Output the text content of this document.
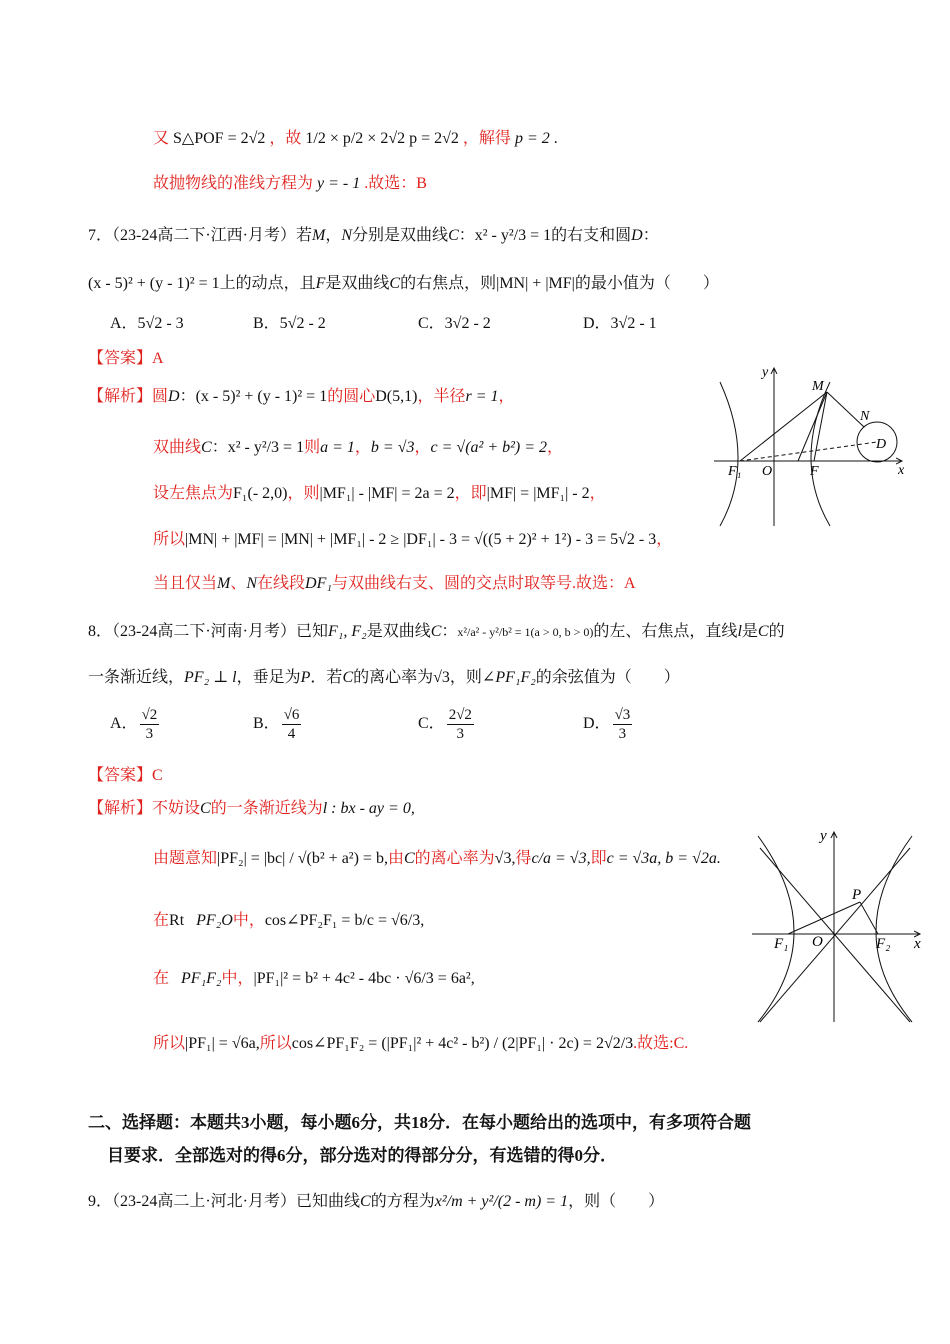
又 S△POF = 2√2 ，故 1/2 × p/2 × 2√2 p = 2√2 ，解得 p = 2 .
故抛物线的准线方程为 y = - 1 .故选：B
7．（23-24高二下·江西·月考）若M，N分别是双曲线C：x² - y²/3 = 1的右支和圆D：
(x - 5)² + (y - 1)² = 1上的动点，且F是双曲线C的右焦点，则|MN| + |MF|的最小值为（　　）
A．5√2 - 3	B．5√2 - 2	C．3√2 - 2	D．3√2 - 1
【答案】A
【解析】圆D：(x - 5)² + (y - 1)² = 1的圆心D(5,1)，半径r = 1，
双曲线C：x² - y²/3 = 1则a = 1，b = √3，c = √(a² + b²) = 2，
设左焦点为F₁(- 2,0)，则|MF₁| - |MF| = 2a = 2，即|MF| = |MF₁| - 2，
所以|MN| + |MF| = |MN| + |MF₁| - 2 ≥ |DF₁| - 3 = √((5 + 2)² + 1²) - 3 = 5√2 - 3，
当且仅当M、N在线段DF₁与双曲线右支、圆的交点时取等号.故选：A
y
M
N
D
F₁ O	F	x
8．（23-24高二下·河南·月考）已知F₁, F₂是双曲线C：x²/a² - y²/b² = 1(a > 0, b > 0)的左、右焦点，直线l是C的
一条渐近线，PF₂ ⊥ l，垂足为P．若C的离心率为√3，则∠PF₁F₂的余弦值为（　　）
A． $\frac{√2}{3}$	B． $\frac{√6}{4}$	C． $\frac{2√2}{3}$	D． $\frac{√3}{3}$
【答案】C
【解析】不妨设C的一条渐近线为l : bx - ay = 0,
由题意知|PF₂| = |bc| / √(b² + a²) = b,由C的离心率为√3,得c/a = √3,即c = √3a, b = √2a.
在Rt PF₂O中，cos∠PF₂F₁ = b/c = √6/3,
在 PF₁F₂中，|PF₁|² = b² + 4c² - 4bc · √6/3 = 6a²,
所以|PF₁| = √6a,所以cos∠PF₁F₂ = (|PF₁|² + 4c² - b²) / (2|PF₁| · 2c) = 2√2/3.故选:C.
y
P
F₁ O	F₂ x
二、选择题：本题共3小题，每小题6分，共18分．在每小题给出的选项中，有多项符合题
目要求．全部选对的得6分，部分选对的得部分分，有选错的得0分．
9．（23-24高二上·河北·月考）已知曲线C的方程为x²/m + y²/(2 - m) = 1，则（　　）
